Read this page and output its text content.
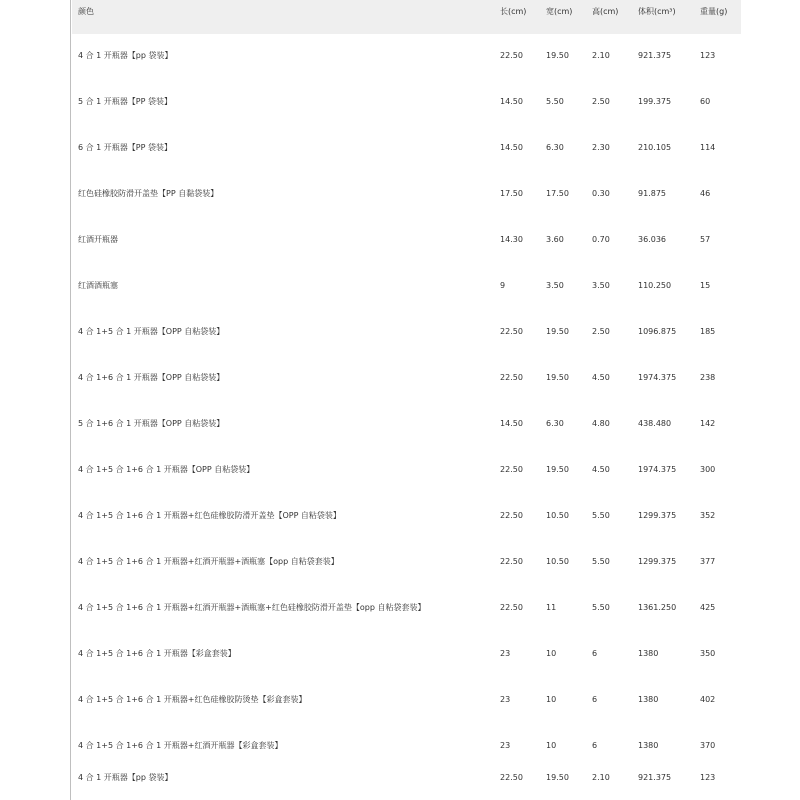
颜色	长(cm) 宽(cm) 高(cm) 体积(cm³)	重量(g)
4 合 1 开瓶器【pp 袋装】	22.50	19.50	2.10	921.375	123
5 合 1 开瓶器【PP 袋装】	14.50	5.50	2.50	199.375	60
6 合 1 开瓶器【PP 袋装】	14.50	6.30	2.30	210.105	114
红色硅橡胶防滑开盖垫【PP 自黏袋装】	17.50	17.50	0.30	91.875	46
红酒开瓶器	14.30	3.60	0.70	36.036	57
红酒酒瓶塞	9	3.50	3.50	110.250	15
4 合 1+5 合 1 开瓶器【OPP 自粘袋装】	22.50	19.50	2.50	1096.875	185
4 合 1+6 合 1 开瓶器【OPP 自粘袋装】	22.50	19.50	4.50	1974.375	238
5 合 1+6 合 1 开瓶器【OPP 自粘袋装】	14.50	6.30	4.80	438.480	142
4 合 1+5 合 1+6 合 1 开瓶器【OPP 自粘袋装】	22.50	19.50	4.50	1974.375	300
4 合 1+5 合 1+6 合 1 开瓶器+红色硅橡胶防滑开盖垫【OPP 自粘袋装】	22.50	10.50	5.50	1299.375	352
4 合 1+5 合 1+6 合 1 开瓶器+红酒开瓶器+酒瓶塞【opp 自粘袋套装】	22.50	10.50	5.50	1299.375	377
4 合 1+5 合 1+6 合 1 开瓶器+红酒开瓶器+酒瓶塞+红色硅橡胶防滑开盖垫【opp 自粘袋套装】	22.50	11	5.50	1361.250	425
4 合 1+5 合 1+6 合 1 开瓶器【彩盒套装】	23	10	6	1380	350
4 合 1+5 合 1+6 合 1 开瓶器+红色硅橡胶防烫垫【彩盒套装】	23	10	6	1380	402
4 合 1+5 合 1+6 合 1 开瓶器+红酒开瓶器【彩盒套装】	23	10	6	1380	370
4 合 1 开瓶器【pp 袋装】	22.50	19.50	2.10	921.375	123
